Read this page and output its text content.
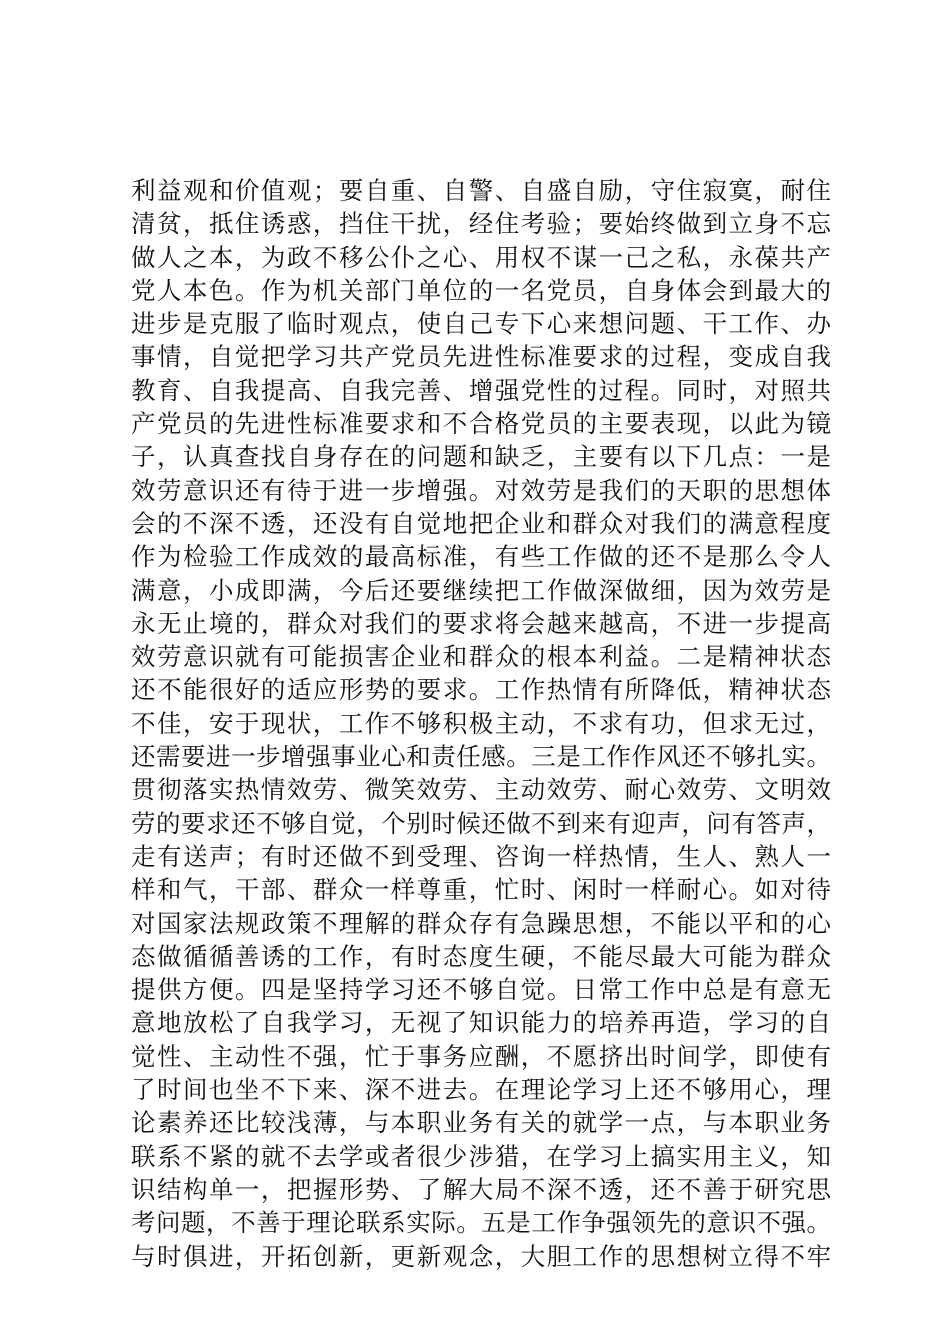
利益观和价值观；要自重、自警、自盛自励，守住寂寞，耐住
清贫，抵住诱惑，挡住干扰，经住考验；要始终做到立身不忘
做人之本，为政不移公仆之心、用权不谋一己之私，永葆共产
党人本色。作为机关部门单位的一名党员，自身体会到最大的
进步是克服了临时观点，使自己专下心来想问题、干工作、办
事情，自觉把学习共产党员先进性标准要求的过程，变成自我
教育、自我提高、自我完善、增强党性的过程。同时，对照共
产党员的先进性标准要求和不合格党员的主要表现，以此为镜
子，认真查找自身存在的问题和缺乏，主要有以下几点：一是
效劳意识还有待于进一步增强。对效劳是我们的天职的思想体
会的不深不透，还没有自觉地把企业和群众对我们的满意程度
作为检验工作成效的最高标准，有些工作做的还不是那么令人
满意，小成即满，今后还要继续把工作做深做细，因为效劳是
永无止境的，群众对我们的要求将会越来越高，不进一步提高
效劳意识就有可能损害企业和群众的根本利益。二是精神状态
还不能很好的适应形势的要求。工作热情有所降低，精神状态
不佳，安于现状，工作不够积极主动，不求有功，但求无过，
还需要进一步增强事业心和责任感。三是工作作风还不够扎实。
贯彻落实热情效劳、微笑效劳、主动效劳、耐心效劳、文明效
劳的要求还不够自觉，个别时候还做不到来有迎声，问有答声，
走有送声；有时还做不到受理、咨询一样热情，生人、熟人一
样和气，干部、群众一样尊重，忙时、闲时一样耐心。如对待
对国家法规政策不理解的群众存有急躁思想，不能以平和的心
态做循循善诱的工作，有时态度生硬，不能尽最大可能为群众
提供方便。四是坚持学习还不够自觉。日常工作中总是有意无
意地放松了自我学习，无视了知识能力的培养再造，学习的自
觉性、主动性不强，忙于事务应酬，不愿挤出时间学，即使有
了时间也坐不下来、深不进去。在理论学习上还不够用心，理
论素养还比较浅薄，与本职业务有关的就学一点，与本职业务
联系不紧的就不去学或者很少涉猎，在学习上搞实用主义，知
识结构单一，把握形势、了解大局不深不透，还不善于研究思
考问题，不善于理论联系实际。五是工作争强领先的意识不强。
与时俱进，开拓创新，更新观念，大胆工作的思想树立得不牢
